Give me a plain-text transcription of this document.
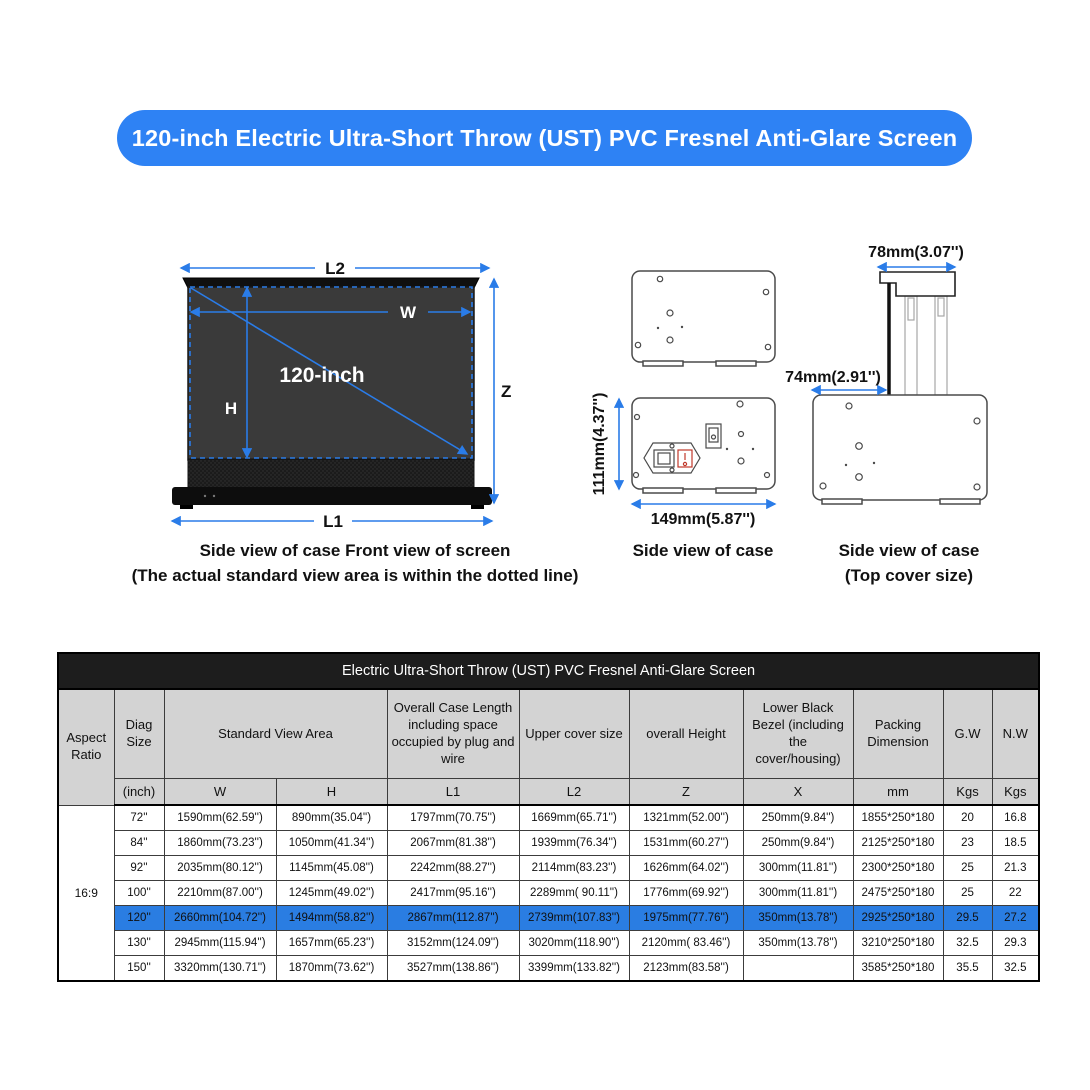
120-inch Electric Ultra-Short Throw (UST) PVC Fresnel Anti-Glare Screen
L2
120-inch
W
H
Z
L1
111mm(4.37'')
149mm(5.87'')
78mm(3.07'')
74mm(2.91'')
Side view of case Front view of screen
(The actual standard view area is within the dotted line)
Side view of case	Side view of case
(Top cover size)
Electric Ultra-Short Throw (UST) PVC Fresnel Anti-Glare Screen										
Aspect Ratio	Diag Size	Standard View Area		Overall Case Length including space occupied by plug and wire	Upper cover size	overall Height	Lower Black Bezel (including the cover/housing)	Packing Dimension	G.W	N.W
	(inch)	W	H	L1	L2	Z	X	mm	Kgs	Kgs
16:9	72''	1590mm(62.59'')	890mm(35.04'')	1797mm(70.75'')	1669mm(65.71'')	1321mm(52.00'')	250mm(9.84'')	1855*250*180	20	16.8
	84''	1860mm(73.23'')	1050mm(41.34'')	2067mm(81.38'')	1939mm(76.34'')	1531mm(60.27'')	250mm(9.84'')	2125*250*180	23	18.5
	92''	2035mm(80.12'')	1145mm(45.08'')	2242mm(88.27'')	2114mm(83.23'')	1626mm(64.02'')	300mm(11.81'')	2300*250*180	25	21.3
	100''	2210mm(87.00'')	1245mm(49.02'')	2417mm(95.16'')	2289mm( 90.11'')	1776mm(69.92'')	300mm(11.81'')	2475*250*180	25	22
	120''	2660mm(104.72'')	1494mm(58.82'')	2867mm(112.87'')	2739mm(107.83'')	1975mm(77.76'')	350mm(13.78'')	2925*250*180	29.5	27.2
	130''	2945mm(115.94'')	1657mm(65.23'')	3152mm(124.09'')	3020mm(118.90'')	2120mm( 83.46'')	350mm(13.78'')	3210*250*180	32.5	29.3
	150''	3320mm(130.71'')	1870mm(73.62'')	3527mm(138.86'')	3399mm(133.82'')	2123mm(83.58'')		3585*250*180	35.5	32.5
